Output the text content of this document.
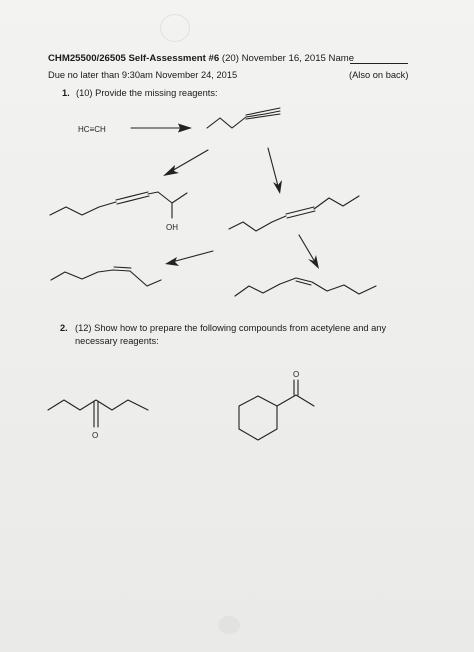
CHM25500/26505 Self-Assessment #6 (20) November 16, 2015 Name
Due no later than 9:30am November 24, 2015	(Also on back)
1. (10) Provide the missing reagents:
2. (12) Show how to prepare the following compounds from acetylene and any
necessary reagents:
HC≡CH
OH
O
O
